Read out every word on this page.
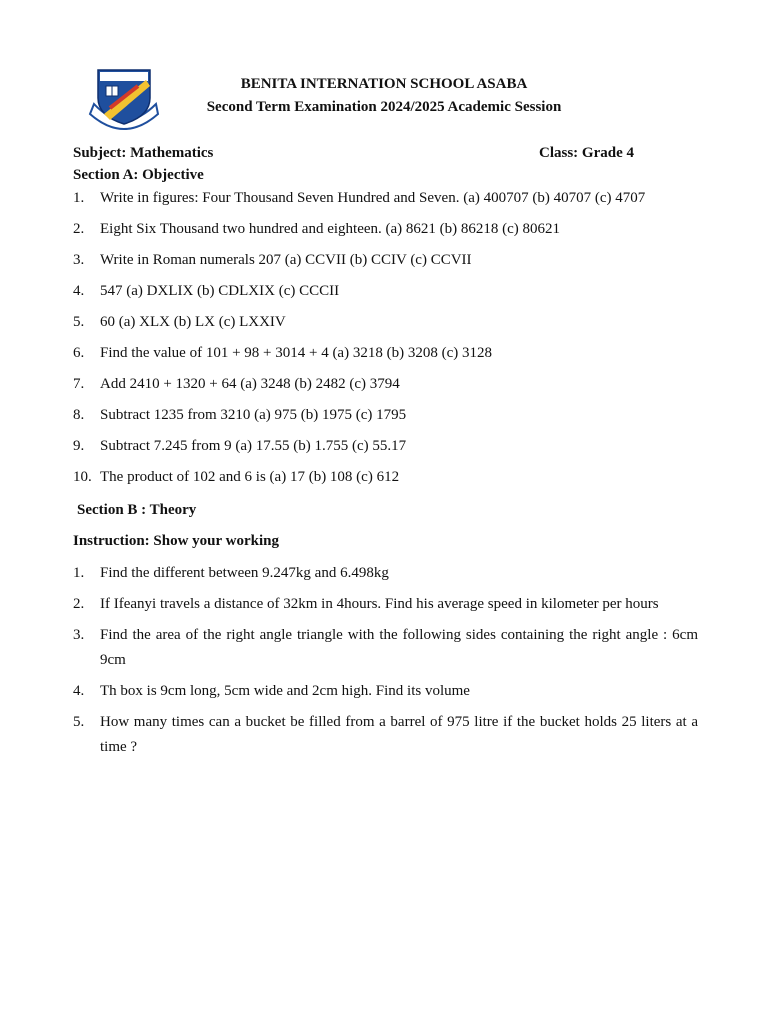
BENITA INTERNATION SCHOOL ASABA
Second Term Examination 2024/2025 Academic Session
Subject: Mathematics	Class: Grade 4
Section A: Objective
1.	Write in figures: Four Thousand Seven Hundred and Seven. (a) 400707 (b) 40707 (c) 4707
2.	Eight Six Thousand two hundred and eighteen. (a) 8621 (b) 86218 (c) 80621
3.	Write in Roman numerals 207 (a) CCVII (b) CCIV (c) CCVII
4.	547 (a) DXLIX (b) CDLXIX (c) CCCII
5.	60 (a) XLX (b) LX (c) LXXIV
6.	Find the value of 101 + 98 + 3014 + 4 (a) 3218 (b) 3208 (c) 3128
7.	Add 2410 + 1320 + 64 (a) 3248 (b) 2482 (c) 3794
8.	Subtract 1235 from 3210 (a) 975 (b) 1975 (c) 1795
9.	Subtract 7.245 from 9 (a) 17.55 (b) 1.755 (c) 55.17
10. The product of 102 and 6 is (a) 17 (b) 108 (c) 612
Section B : Theory
Instruction: Show your working
1.	Find the different between 9.247kg and 6.498kg
2.	If Ifeanyi travels a distance of 32km in 4hours. Find his average speed in kilometer per hours
3.	Find the area of the right angle triangle with the following sides containing the right angle : 6cm 9cm
4.	Th box is 9cm long, 5cm wide and 2cm high. Find its volume
5.	How many times can a bucket be filled from a barrel of 975 litre if the bucket holds 25 liters at a time ?
